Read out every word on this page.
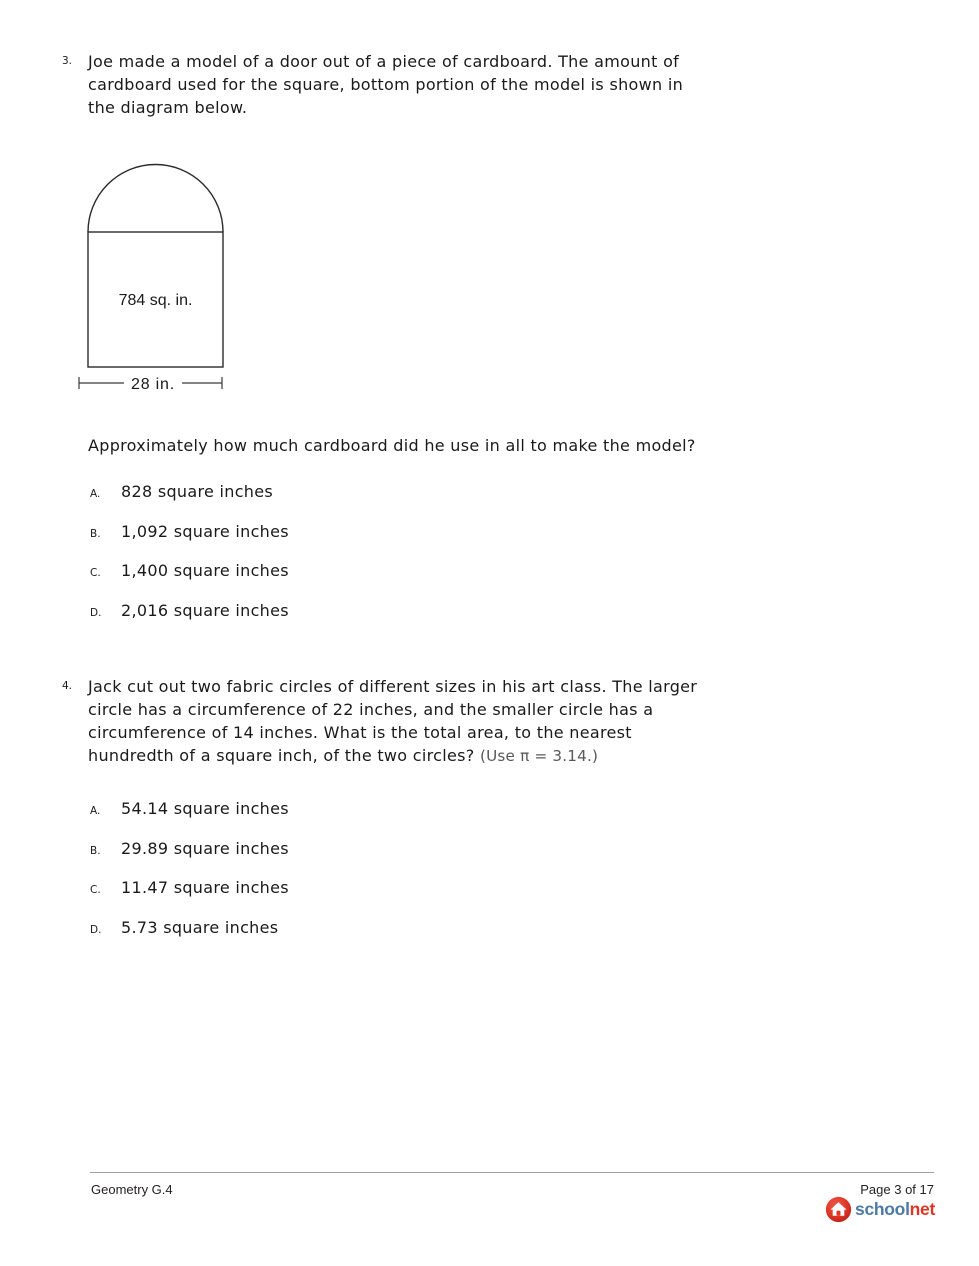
3. Joe made a model of a door out of a piece of cardboard. The amount of
cardboard used for the square, bottom portion of the model is shown in
the diagram below.
784 sq. in.
28 in.
Approximately how much cardboard did he use in all to make the model?
A. 828 square inches
B. 1,092 square inches
C. 1,400 square inches
D. 2,016 square inches
4. Jack cut out two fabric circles of different sizes in his art class. The larger
circle has a circumference of 22 inches, and the smaller circle has a
circumference of 14 inches. What is the total area, to the nearest
hundredth of a square inch, of the two circles? (Use π = 3.14.)
A. 54.14 square inches
B. 29.89 square inches
C. 11.47 square inches
D. 5.73 square inches
Geometry G.4	Page 3 of 17
schoolnet
